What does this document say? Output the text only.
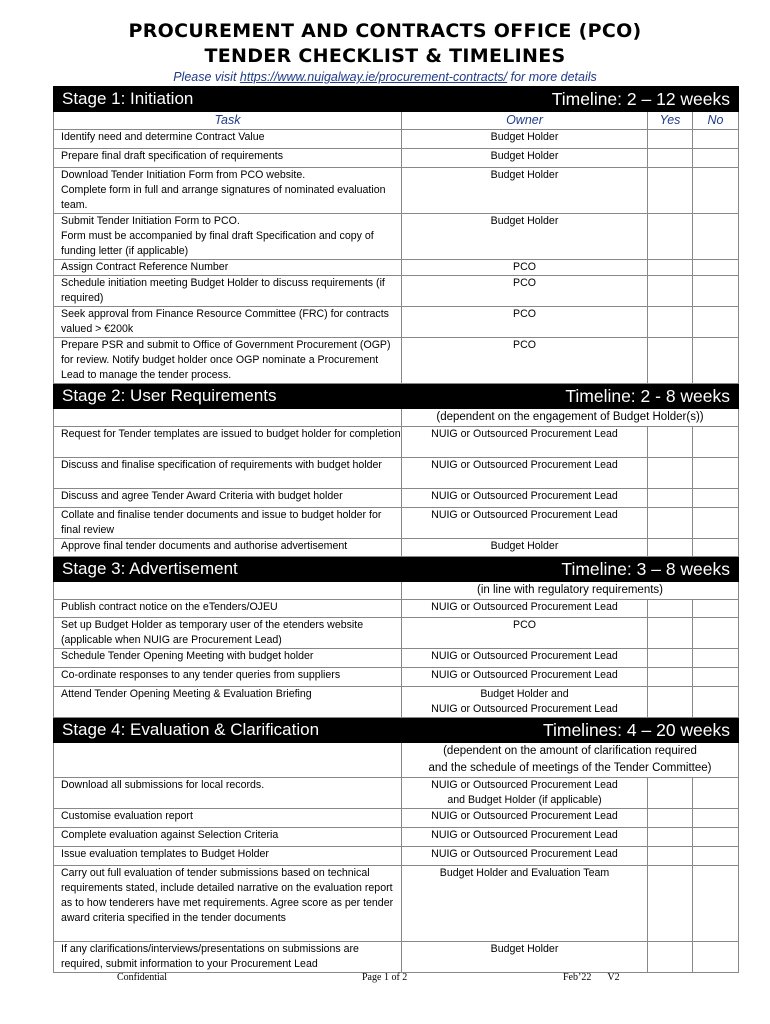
PROCUREMENT AND CONTRACTS OFFICE (PCO)
TENDER CHECKLIST & TIMELINES
Please visit https://www.nuigalway.ie/procurement-contracts/ for more details
Timeline: 2 – 12 weeks
Stage 1: Initiation			
Task	Owner	Yes	No
Identify need and determine Contract Value	Budget Holder		
Prepare final draft specification of requirements	Budget Holder		
Download Tender Initiation Form from PCO website.
Complete form in full and arrange signatures of nominated evaluation team.	Budget Holder		
Submit Tender Initiation Form to PCO.
Form must be accompanied by final draft Specification and copy of funding letter (if applicable)	Budget Holder		
Assign Contract Reference Number	PCO		
Schedule initiation meeting Budget Holder to discuss requirements (if required)	PCO		
Seek approval from Finance Resource Committee (FRC) for contracts valued > €200k	PCO		
Prepare PSR and submit to Office of Government Procurement (OGP) for review. Notify budget holder once OGP nominate a Procurement Lead to manage the tender process.	PCO		

Timeline: 2 - 8 weeks
Stage 2: User Requirements			

	(dependent on the engagement of Budget Holder(s))		

Request for Tender templates are issued to budget holder for completion	NUIG or Outsourced Procurement Lead		
Discuss and finalise specification of requirements with budget holder	NUIG or Outsourced Procurement Lead		
Discuss and agree Tender Award Criteria with budget holder	NUIG or Outsourced Procurement Lead		
Collate and finalise tender documents and issue to budget holder for final review	NUIG or Outsourced Procurement Lead		
Approve final tender documents and authorise advertisement	Budget Holder		

Timeline: 3 – 8 weeks
Stage 3: Advertisement			

	(in line with regulatory requirements)		

Publish contract notice on the eTenders/OJEU	NUIG or Outsourced Procurement Lead		
Set up Budget Holder as temporary user of the etenders website (applicable when NUIG are Procurement Lead)	PCO		
Schedule Tender Opening Meeting with budget holder	NUIG or Outsourced Procurement Lead		
Co-ordinate responses to any tender queries from suppliers	NUIG or Outsourced Procurement Lead		
Attend Tender Opening Meeting & Evaluation Briefing	Budget Holder and
NUIG or Outsourced Procurement Lead		

Timelines: 4 – 20 weeks
Stage 4: Evaluation & Clarification			

	(dependent on the amount of clarification required
and the schedule of meetings of the Tender Committee)		

Download all submissions for local records.	NUIG or Outsourced Procurement Lead
and Budget Holder (if applicable)		
Customise evaluation report	NUIG or Outsourced Procurement Lead		
Complete evaluation against Selection Criteria	NUIG or Outsourced Procurement Lead		
Issue evaluation templates to Budget Holder	NUIG or Outsourced Procurement Lead		
Carry out full evaluation of tender submissions based on technical requirements stated, include detailed narrative on the evaluation report as to how tenderers have met requirements. Agree score as per tender award criteria specified in the tender documents	Budget Holder and Evaluation Team		
If any clarifications/interviews/presentations on submissions are required, submit information to your Procurement Lead	Budget Holder		
Confidential	Page 1 of 2	Feb’22 V2
